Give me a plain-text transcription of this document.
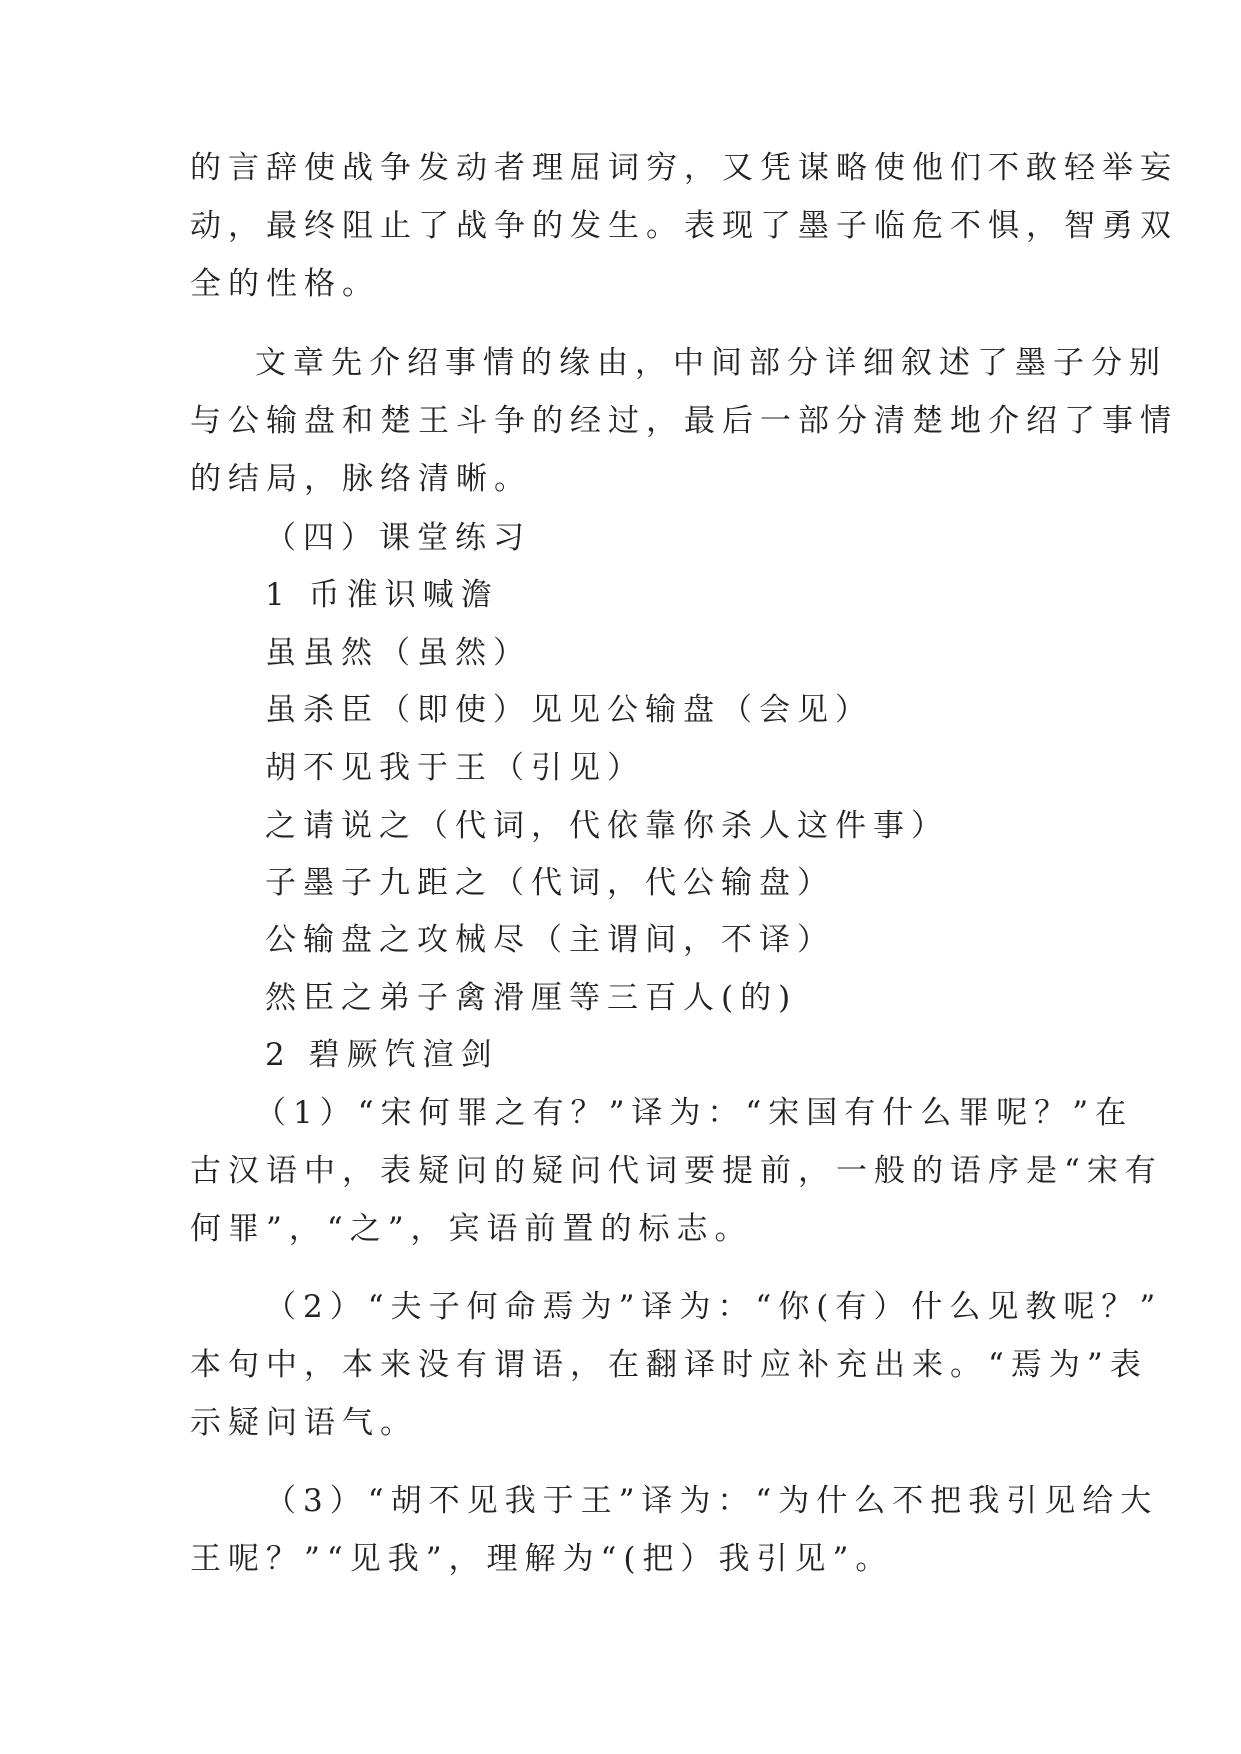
的言辞使战争发动者理屈词穷，又凭谋略使他们不敢轻举妄
动，最终阻止了战争的发生。表现了墨子临危不惧，智勇双
全的性格。
文章先介绍事情的缘由，中间部分详细叙述了墨子分别
与公输盘和楚王斗争的经过，最后一部分清楚地介绍了事情
的结局，脉络清晰。
（四）课堂练习
1 币淮识喊澹
虽虽然（虽然）
虽杀臣（即使）见见公输盘（会见）
胡不见我于王（引见）
之请说之（代词，代依靠你杀人这件事）
子墨子九距之（代词，代公输盘）
公输盘之攻械尽（主谓间，不译）
然臣之弟子禽滑厘等三百人(的)
2 碧厥饩渲剑
（1）“宋何罪之有？”译为：“宋国有什么罪呢？”在
古汉语中，表疑问的疑问代词要提前，一般的语序是“宋有
何罪”，“之”，宾语前置的标志。
（2）“夫子何命焉为”译为：“你(有）什么见教呢？”
本句中，本来没有谓语，在翻译时应补充出来。“焉为”表
示疑问语气。
（3）“胡不见我于王”译为：“为什么不把我引见给大
王呢？”“见我”，理解为“(把）我引见”。
